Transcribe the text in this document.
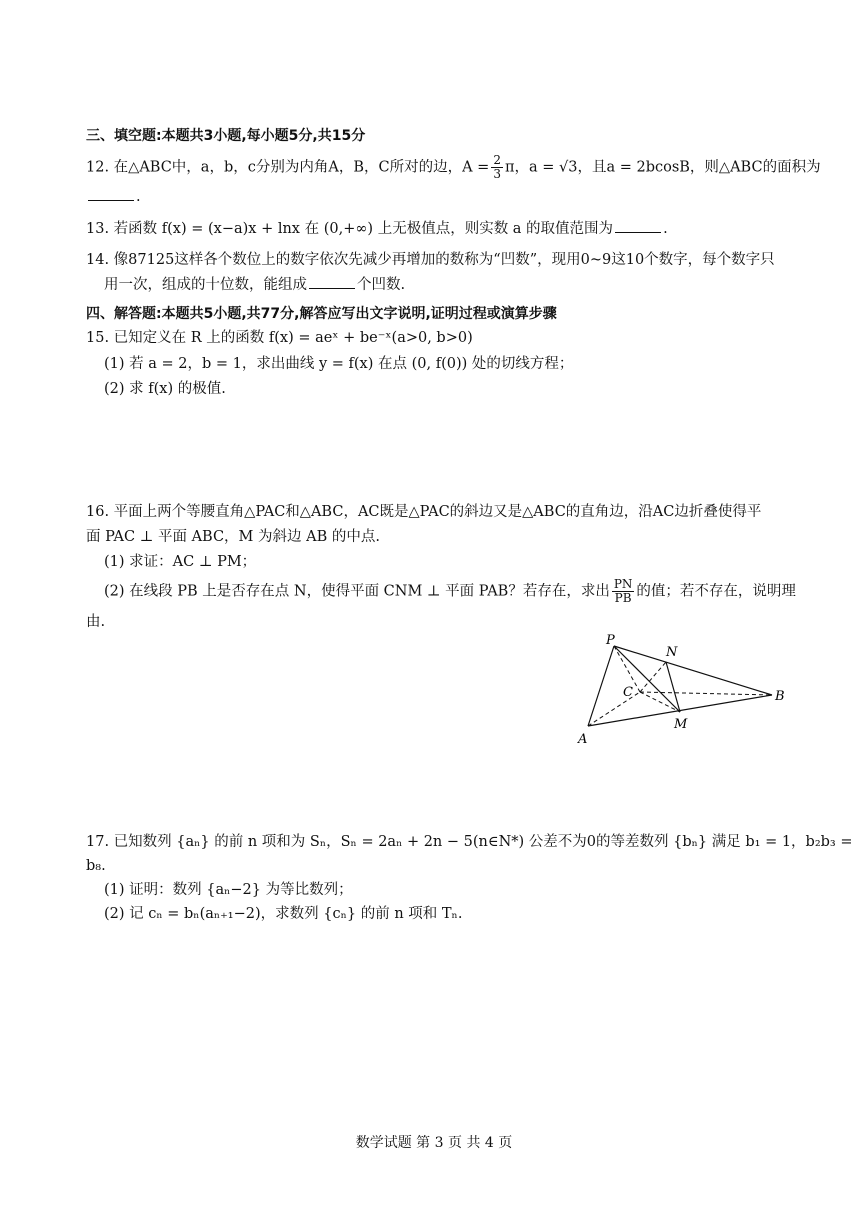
三、填空题:本题共3小题,每小题5分,共15分
12. 在△ABC中，a，b，c分别为内角A，B，C所对的边，$A = \frac{2}{3}$ π，a = √3，且a = 2bcosB，则△ABC的面积为
.
13. 若函数 f(x) = (x−a)x + lnx 在 (0,+∞) 上无极值点，则实数 a 的取值范围为	.
14. 像87125这样各个数位上的数字依次先减少再增加的数称为“凹数”，现用0~9这10个数字，每个数字只
用一次，组成的十位数，能组成	个凹数.
四、解答题:本题共5小题,共77分,解答应写出文字说明,证明过程或演算步骤
15. 已知定义在 R 上的函数 f(x) = aeˣ + be⁻ˣ(a>0, b>0)
(1) 若 a = 2，b = 1，求出曲线 y = f(x) 在点 (0, f(0)) 处的切线方程；
(2) 求 f(x) 的极值.
16. 平面上两个等腰直角△PAC和△ABC，AC既是△PAC的斜边又是△ABC的直角边，沿AC边折叠使得平
面 PAC ⊥ 平面 ABC，M 为斜边 AB 的中点.
(1) 求证：AC ⊥ PM；
(2) 在线段 PB 上是否存在点 N，使得平面 CNM ⊥ 平面 PAB？若存在，求出 $\frac{PN}{PB}$ 的值；若不存在，说明理
由.
P
N
C	B
A
M
17. 已知数列 {aₙ} 的前 n 项和为 Sₙ，Sₙ = 2aₙ + 2n − 5(n∈N*) 公差不为0的等差数列 {bₙ} 满足 b₁ = 1，b₂b₃ =
b₈.
(1) 证明：数列 {aₙ−2} 为等比数列；
(2) 记 cₙ = bₙ(aₙ₊₁−2)，求数列 {cₙ} 的前 n 项和 Tₙ.
数学试题 第 3 页 共 4 页
